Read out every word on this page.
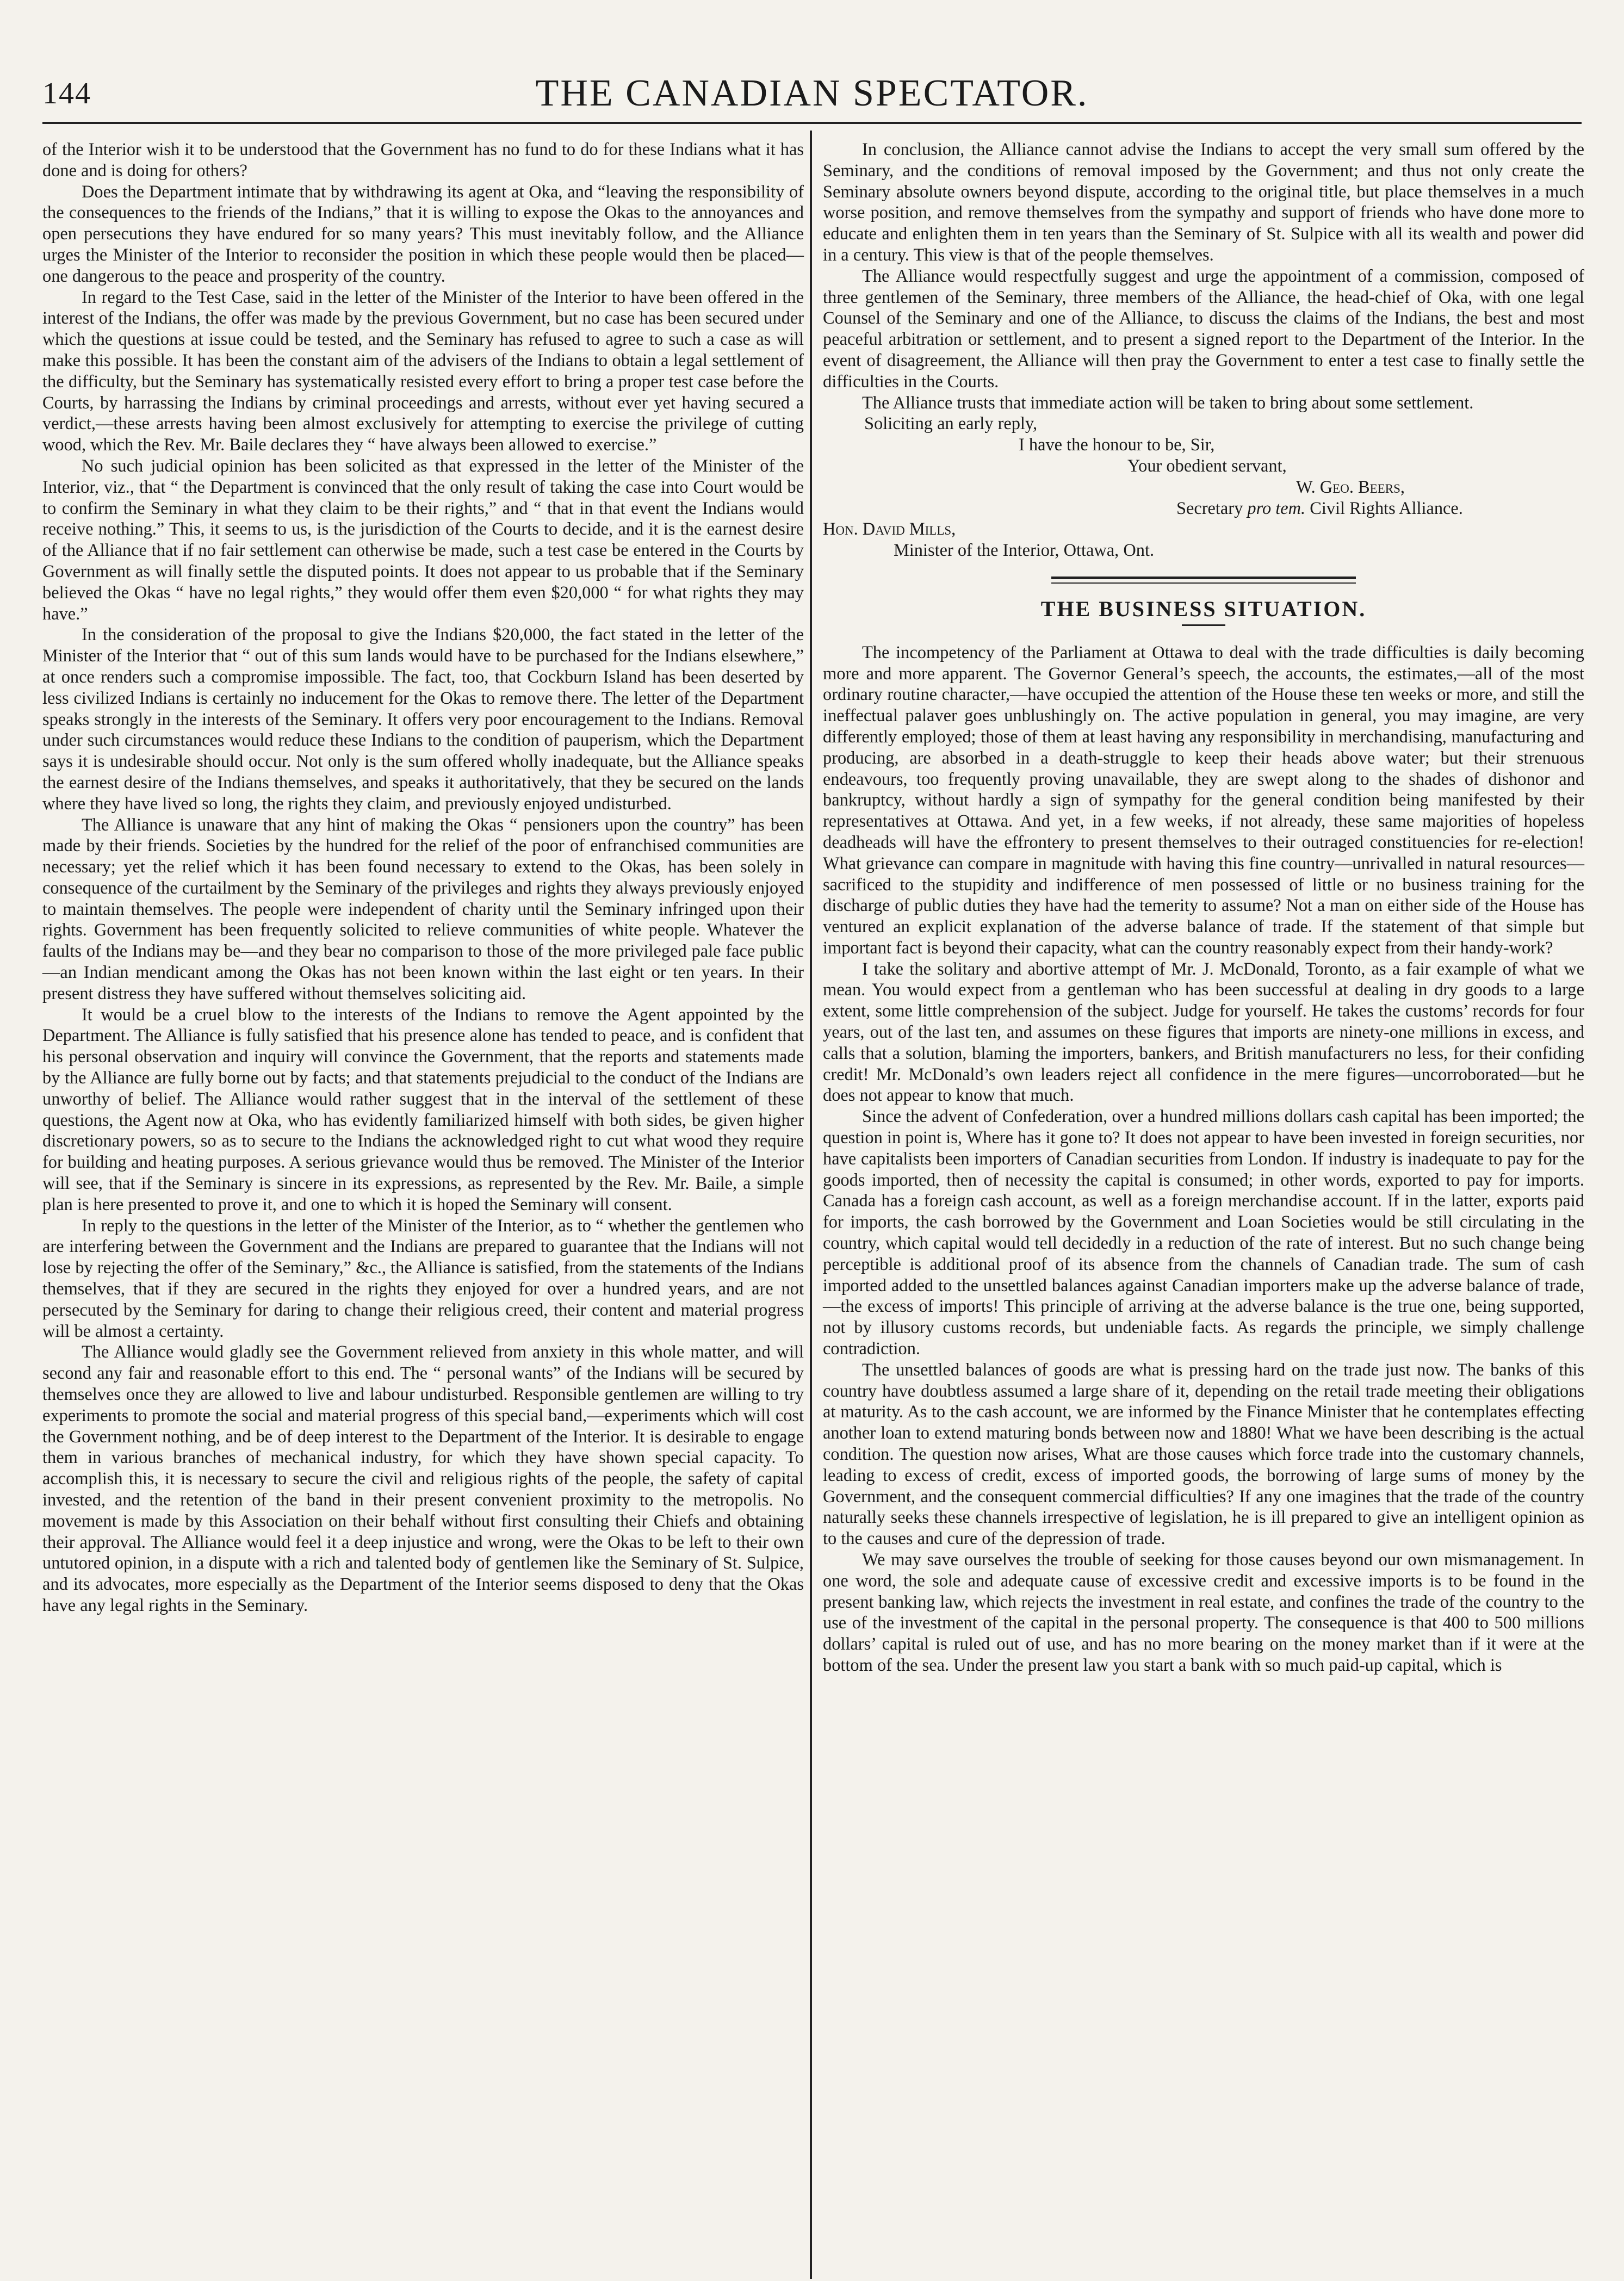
144	THE CANADIAN SPECTATOR.

of the Interior wish it to be understood that the Government has no fund to do for these Indians what it has done and is doing for others?

Does the Department intimate that by withdrawing its agent at Oka, and “leaving the responsibility of the consequences to the friends of the Indians,” that it is willing to expose the Okas to the annoyances and open persecutions they have endured for so many years? This must inevitably follow, and the Alliance urges the Minister of the Interior to reconsider the position in which these people would then be placed—one dangerous to the peace and prosperity of the country.

In regard to the Test Case, said in the letter of the Minister of the Interior to have been offered in the interest of the Indians, the offer was made by the previous Government, but no case has been secured under which the questions at issue could be tested, and the Seminary has refused to agree to such a case as will make this possible. It has been the constant aim of the advisers of the Indians to obtain a legal settlement of the difficulty, but the Seminary has systematically resisted every effort to bring a proper test case before the Courts, by harrassing the Indians by criminal proceedings and arrests, without ever yet having secured a verdict,—these arrests having been almost exclusively for attempting to exercise the privilege of cutting wood, which the Rev. Mr. Baile declares they “ have always been allowed to exercise.”

No such judicial opinion has been solicited as that expressed in the letter of the Minister of the Interior, viz., that “ the Department is convinced that the only result of taking the case into Court would be to confirm the Seminary in what they claim to be their rights,” and “ that in that event the Indians would receive nothing.” This, it seems to us, is the jurisdiction of the Courts to decide, and it is the earnest desire of the Alliance that if no fair settlement can otherwise be made, such a test case be entered in the Courts by Government as will finally settle the disputed points. It does not appear to us probable that if the Seminary believed the Okas “ have no legal rights,” they would offer them even $20,000 “ for what rights they may have.”

In the consideration of the proposal to give the Indians $20,000, the fact stated in the letter of the Minister of the Interior that “ out of this sum lands would have to be purchased for the Indians elsewhere,” at once renders such a compromise impossible. The fact, too, that Cockburn Island has been deserted by less civilized Indians is certainly no inducement for the Okas to remove there. The letter of the Department speaks strongly in the interests of the Seminary. It offers very poor encouragement to the Indians. Removal under such circumstances would reduce these Indians to the condition of pauperism, which the Department says it is undesirable should occur. Not only is the sum offered wholly inadequate, but the Alliance speaks the earnest desire of the Indians themselves, and speaks it authoritatively, that they be secured on the lands where they have lived so long, the rights they claim, and previously enjoyed undisturbed.

The Alliance is unaware that any hint of making the Okas “ pensioners upon the country” has been made by their friends. Societies by the hundred for the relief of the poor of enfranchised communities are necessary; yet the relief which it has been found necessary to extend to the Okas, has been solely in consequence of the curtailment by the Seminary of the privileges and rights they always previously enjoyed to maintain themselves. The people were independent of charity until the Seminary infringed upon their rights. Government has been frequently solicited to relieve communities of white people. Whatever the faults of the Indians may be—and they bear no comparison to those of the more privileged pale face public—an Indian mendicant among the Okas has not been known within the last eight or ten years. In their present distress they have suffered without themselves soliciting aid.

It would be a cruel blow to the interests of the Indians to remove the Agent appointed by the Department. The Alliance is fully satisfied that his presence alone has tended to peace, and is confident that his personal observation and inquiry will convince the Government, that the reports and statements made by the Alliance are fully borne out by facts; and that statements prejudicial to the conduct of the Indians are unworthy of belief. The Alliance would rather suggest that in the interval of the settlement of these questions, the Agent now at Oka, who has evidently familiarized himself with both sides, be given higher discretionary powers, so as to secure to the Indians the acknowledged right to cut what wood they require for building and heating purposes. A serious grievance would thus be removed. The Minister of the Interior will see, that if the Seminary is sincere in its expressions, as represented by the Rev. Mr. Baile, a simple plan is here presented to prove it, and one to which it is hoped the Seminary will consent.

In reply to the questions in the letter of the Minister of the Interior, as to “ whether the gentlemen who are interfering between the Government and the Indians are prepared to guarantee that the Indians will not lose by rejecting the offer of the Seminary,” &c., the Alliance is satisfied, from the statements of the Indians themselves, that if they are secured in the rights they enjoyed for over a hundred years, and are not persecuted by the Seminary for daring to change their religious creed, their content and material progress will be almost a certainty.

The Alliance would gladly see the Government relieved from anxiety in this whole matter, and will second any fair and reasonable effort to this end. The “ personal wants” of the Indians will be secured by themselves once they are allowed to live and labour undisturbed. Responsible gentlemen are willing to try experiments to promote the social and material progress of this special band,—experiments which will cost the Government nothing, and be of deep interest to the Department of the Interior. It is desirable to engage them in various branches of mechanical industry, for which they have shown special capacity. To accomplish this, it is necessary to secure the civil and religious rights of the people, the safety of capital invested, and the retention of the band in their present convenient proximity to the metropolis. No movement is made by this Association on their behalf without first consulting their Chiefs and obtaining their approval. The Alliance would feel it a deep injustice and wrong, were the Okas to be left to their own untutored opinion, in a dispute with a rich and talented body of gentlemen like the Seminary of St. Sulpice, and its advocates, more especially as the Department of the Interior seems disposed to deny that the Okas have any legal rights in the Seminary.

In conclusion, the Alliance cannot advise the Indians to accept the very small sum offered by the Seminary, and the conditions of removal imposed by the Government; and thus not only create the Seminary absolute owners beyond dispute, according to the original title, but place themselves in a much worse position, and remove themselves from the sympathy and support of friends who have done more to educate and enlighten them in ten years than the Seminary of St. Sulpice with all its wealth and power did in a century. This view is that of the people themselves.

The Alliance would respectfully suggest and urge the appointment of a commission, composed of three gentlemen of the Seminary, three members of the Alliance, the head-chief of Oka, with one legal Counsel of the Seminary and one of the Alliance, to discuss the claims of the Indians, the best and most peaceful arbitration or settlement, and to present a signed report to the Department of the Interior. In the event of disagreement, the Alliance will then pray the Government to enter a test case to finally settle the difficulties in the Courts.

The Alliance trusts that immediate action will be taken to bring about some settlement.

Soliciting an early reply,
I have the honour to be, Sir,
Your obedient servant,
W. Geo. Beers,
Secretary pro tem. Civil Rights Alliance.
Hon. David Mills,
Minister of the Interior, Ottawa, Ont.
THE BUSINESS SITUATION.

The incompetency of the Parliament at Ottawa to deal with the trade difficulties is daily becoming more and more apparent. The Governor General’s speech, the accounts, the estimates,—all of the most ordinary routine character,—have occupied the attention of the House these ten weeks or more, and still the ineffectual palaver goes unblushingly on. The active population in general, you may imagine, are very differently employed; those of them at least having any responsibility in merchandising, manufacturing and producing, are absorbed in a death-struggle to keep their heads above water; but their strenuous endeavours, too frequently proving unavailable, they are swept along to the shades of dishonor and bankruptcy, without hardly a sign of sympathy for the general condition being manifested by their representatives at Ottawa. And yet, in a few weeks, if not already, these same majorities of hopeless deadheads will have the effrontery to present themselves to their outraged constituencies for re-election! What grievance can compare in magnitude with having this fine country—unrivalled in natural resources—sacrificed to the stupidity and indifference of men possessed of little or no business training for the discharge of public duties they have had the temerity to assume? Not a man on either side of the House has ventured an explicit explanation of the adverse balance of trade. If the statement of that simple but important fact is beyond their capacity, what can the country reasonably expect from their handy-work?

I take the solitary and abortive attempt of Mr. J. McDonald, Toronto, as a fair example of what we mean. You would expect from a gentleman who has been successful at dealing in dry goods to a large extent, some little comprehension of the subject. Judge for yourself. He takes the customs’ records for four years, out of the last ten, and assumes on these figures that imports are ninety-one millions in excess, and calls that a solution, blaming the importers, bankers, and British manufacturers no less, for their confiding credit! Mr. McDonald’s own leaders reject all confidence in the mere figures—uncorroborated—but he does not appear to know that much.

Since the advent of Confederation, over a hundred millions dollars cash capital has been imported; the question in point is, Where has it gone to? It does not appear to have been invested in foreign securities, nor have capitalists been importers of Canadian securities from London. If industry is inadequate to pay for the goods imported, then of necessity the capital is consumed; in other words, exported to pay for imports. Canada has a foreign cash account, as well as a foreign merchandise account. If in the latter, exports paid for imports, the cash borrowed by the Government and Loan Societies would be still circulating in the country, which capital would tell decidedly in a reduction of the rate of interest. But no such change being perceptible is additional proof of its absence from the channels of Canadian trade. The sum of cash imported added to the unsettled balances against Canadian importers make up the adverse balance of trade,—the excess of imports! This principle of arriving at the adverse balance is the true one, being supported, not by illusory customs records, but undeniable facts. As regards the principle, we simply challenge contradiction.

The unsettled balances of goods are what is pressing hard on the trade just now. The banks of this country have doubtless assumed a large share of it, depending on the retail trade meeting their obligations at maturity. As to the cash account, we are informed by the Finance Minister that he contemplates effecting another loan to extend maturing bonds between now and 1880! What we have been describing is the actual condition. The question now arises, What are those causes which force trade into the customary channels, leading to excess of credit, excess of imported goods, the borrowing of large sums of money by the Government, and the consequent commercial difficulties? If any one imagines that the trade of the country naturally seeks these channels irrespective of legislation, he is ill prepared to give an intelligent opinion as to the causes and cure of the depression of trade.

We may save ourselves the trouble of seeking for those causes beyond our own mismanagement. In one word, the sole and adequate cause of excessive credit and excessive imports is to be found in the present banking law, which rejects the investment in real estate, and confines the trade of the country to the use of the investment of the capital in the personal property. The consequence is that 400 to 500 millions dollars’ capital is ruled out of use, and has no more bearing on the money market than if it were at the bottom of the sea. Under the present law you start a bank with so much paid-up capital, which is
